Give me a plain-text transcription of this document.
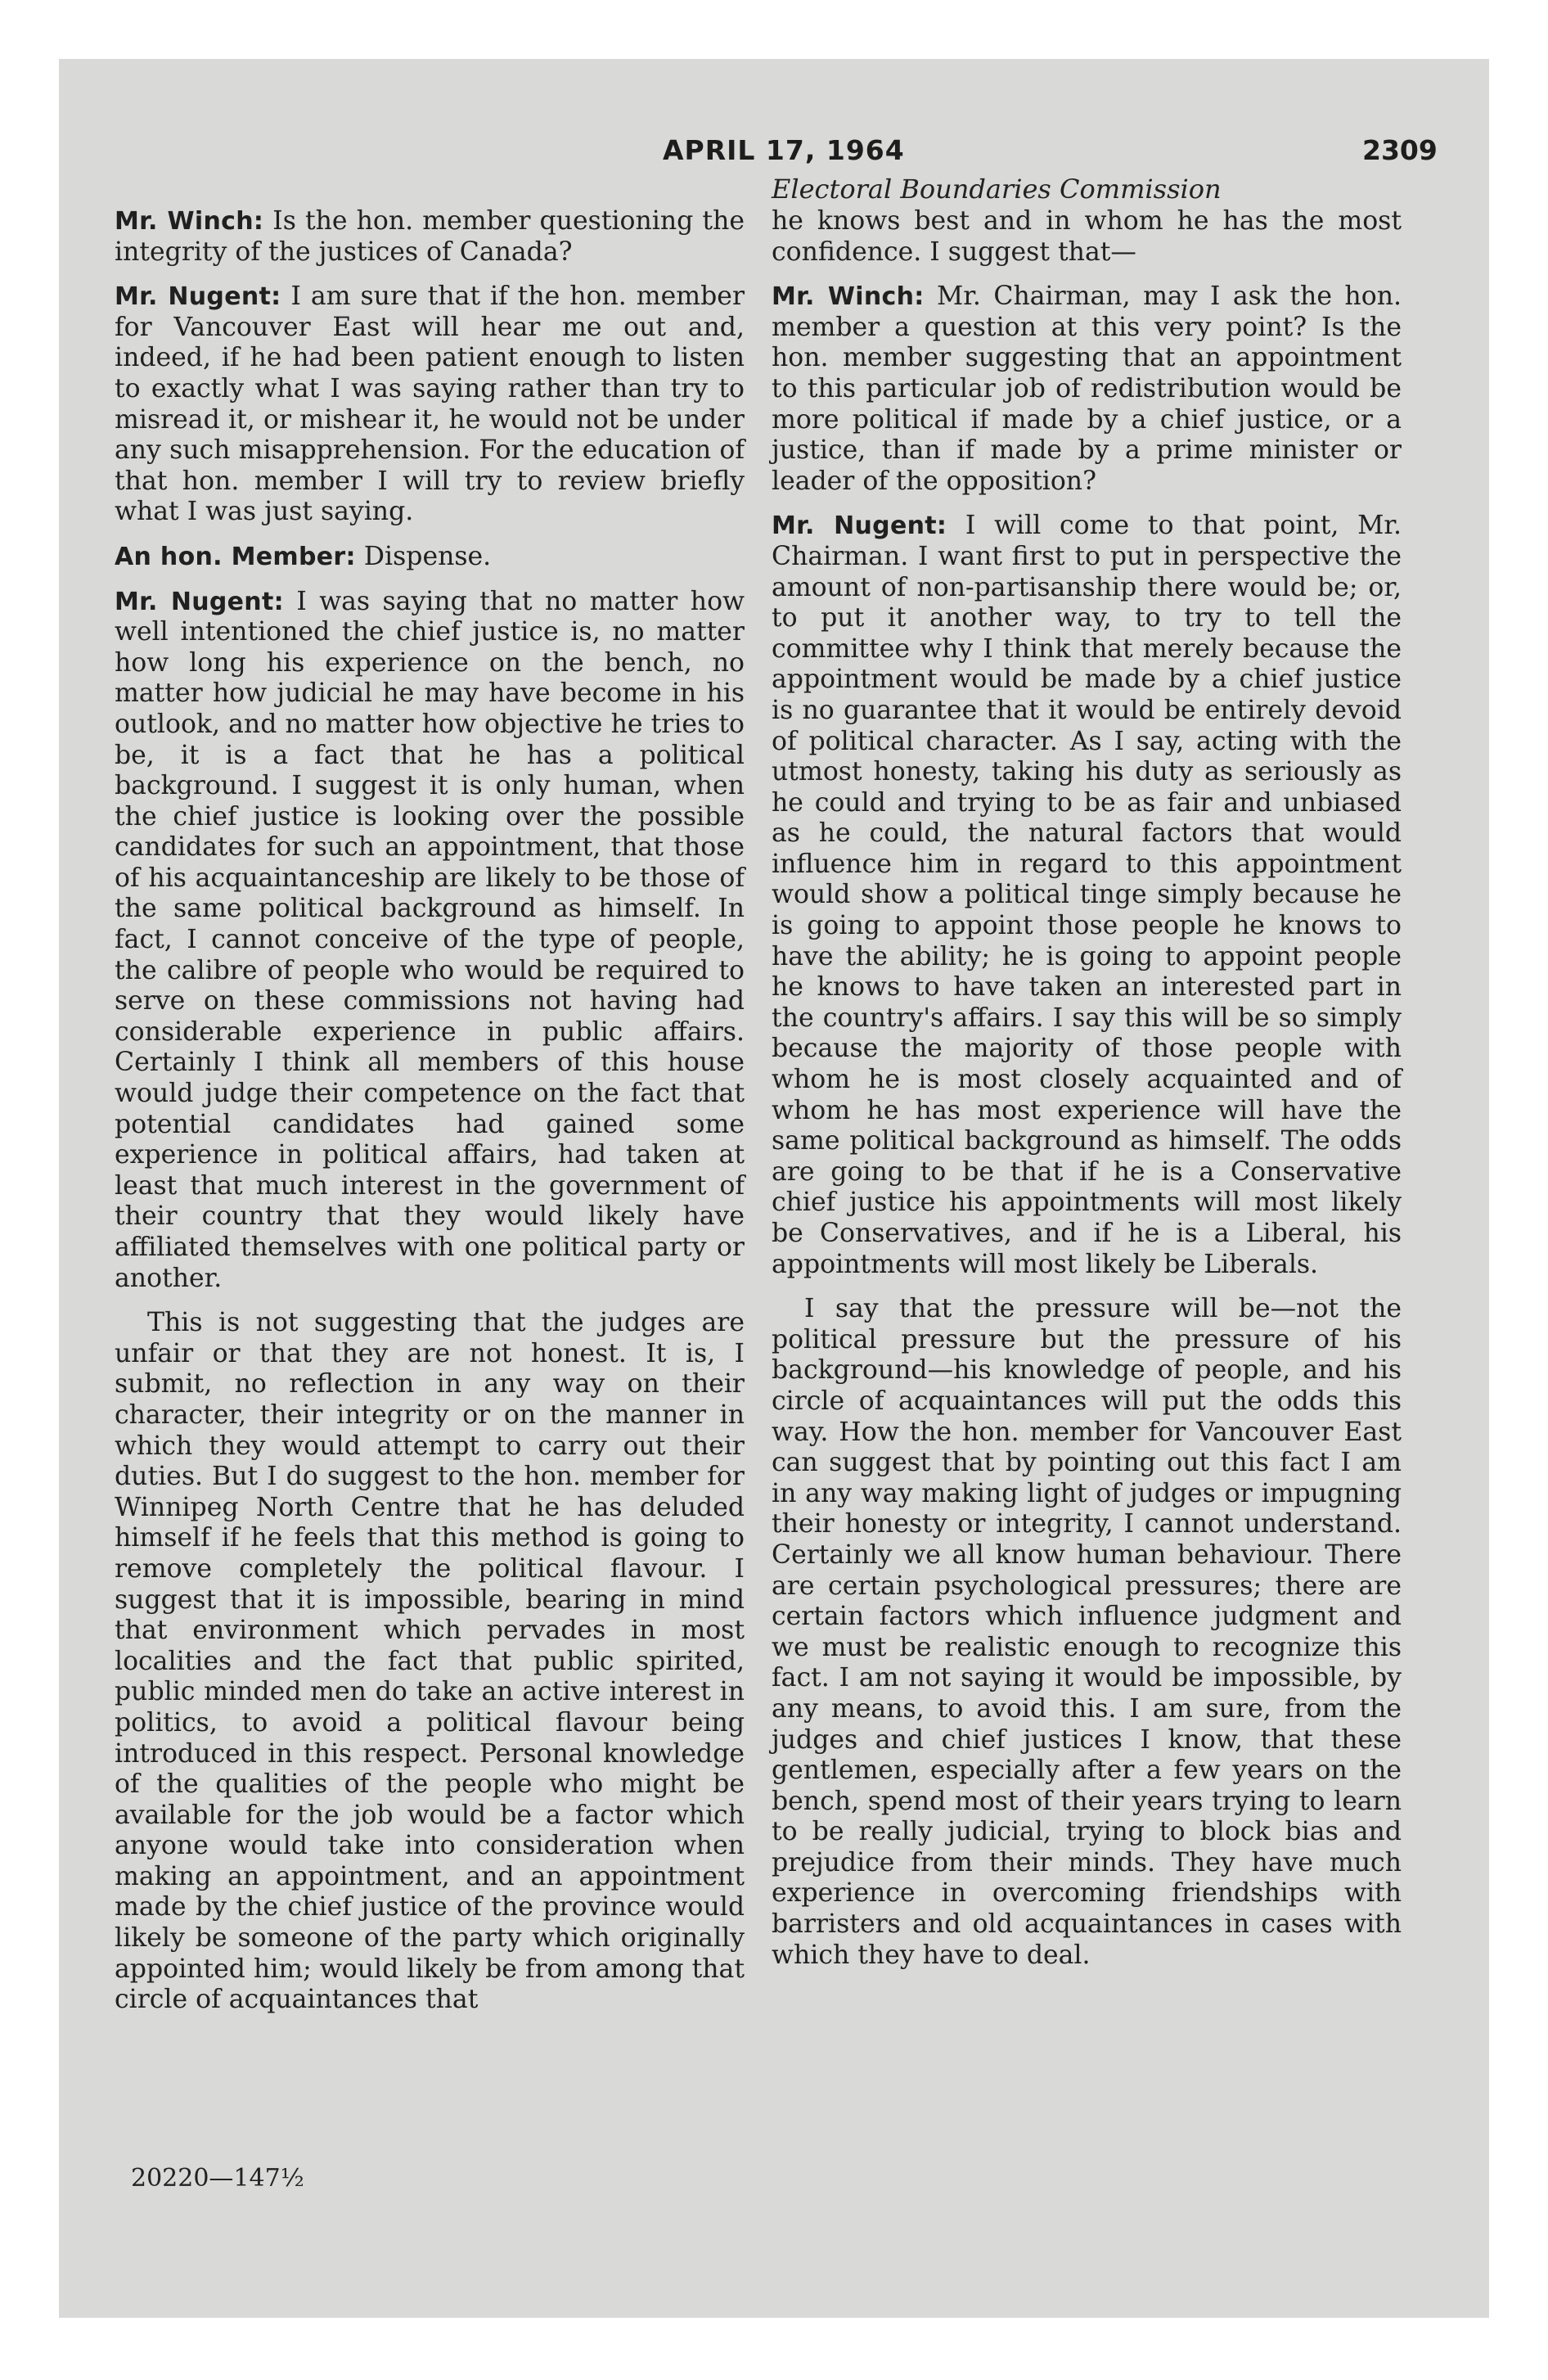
APRIL 17, 1964	2309
Electoral Boundaries Commission

Mr. Winch: Is the hon. member questioning the integrity of the justices of Canada?

Mr. Nugent: I am sure that if the hon. member for Vancouver East will hear me out and, indeed, if he had been patient enough to listen to exactly what I was saying rather than try to misread it, or mishear it, he would not be under any such misapprehension. For the education of that hon. member I will try to review briefly what I was just saying.

An hon. Member: Dispense.

Mr. Nugent: I was saying that no matter how well intentioned the chief justice is, no matter how long his experience on the bench, no matter how judicial he may have become in his outlook, and no matter how objective he tries to be, it is a fact that he has a political background. I suggest it is only human, when the chief justice is looking over the possible candidates for such an appointment, that those of his acquaintanceship are likely to be those of the same political background as himself. In fact, I cannot conceive of the type of people, the calibre of people who would be required to serve on these commissions not having had considerable experience in public affairs. Certainly I think all members of this house would judge their competence on the fact that potential candidates had gained some experience in political affairs, had taken at least that much interest in the government of their country that they would likely have affiliated themselves with one political party or another.

This is not suggesting that the judges are unfair or that they are not honest. It is, I submit, no reflection in any way on their character, their integrity or on the manner in which they would attempt to carry out their duties. But I do suggest to the hon. member for Winnipeg North Centre that he has deluded himself if he feels that this method is going to remove completely the political flavour. I suggest that it is impossible, bearing in mind that environment which pervades in most localities and the fact that public spirited, public minded men do take an active interest in politics, to avoid a political flavour being introduced in this respect. Personal knowledge of the qualities of the people who might be available for the job would be a factor which anyone would take into consideration when making an appointment, and an appointment made by the chief justice of the province would likely be someone of the party which originally appointed him; would likely be from among that circle of acquaintances that

he knows best and in whom he has the most confidence. I suggest that—

Mr. Winch: Mr. Chairman, may I ask the hon. member a question at this very point? Is the hon. member suggesting that an appointment to this particular job of redistribution would be more political if made by a chief justice, or a justice, than if made by a prime minister or leader of the opposition?

Mr. Nugent: I will come to that point, Mr. Chairman. I want first to put in perspective the amount of non-partisanship there would be; or, to put it another way, to try to tell the committee why I think that merely because the appointment would be made by a chief justice is no guarantee that it would be entirely devoid of political character. As I say, acting with the utmost honesty, taking his duty as seriously as he could and trying to be as fair and unbiased as he could, the natural factors that would influence him in regard to this appointment would show a political tinge simply because he is going to appoint those people he knows to have the ability; he is going to appoint people he knows to have taken an interested part in the country's affairs. I say this will be so simply because the majority of those people with whom he is most closely acquainted and of whom he has most experience will have the same political background as himself. The odds are going to be that if he is a Conservative chief justice his appointments will most likely be Conservatives, and if he is a Liberal, his appointments will most likely be Liberals.

I say that the pressure will be—not the political pressure but the pressure of his background—his knowledge of people, and his circle of acquaintances will put the odds this way. How the hon. member for Vancouver East can suggest that by pointing out this fact I am in any way making light of judges or impugning their honesty or integrity, I cannot understand. Certainly we all know human behaviour. There are certain psychological pressures; there are certain factors which influence judgment and we must be realistic enough to recognize this fact. I am not saying it would be impossible, by any means, to avoid this. I am sure, from the judges and chief justices I know, that these gentlemen, especially after a few years on the bench, spend most of their years trying to learn to be really judicial, trying to block bias and prejudice from their minds. They have much experience in overcoming friendships with barristers and old acquaintances in cases with which they have to deal.

20220—147½
